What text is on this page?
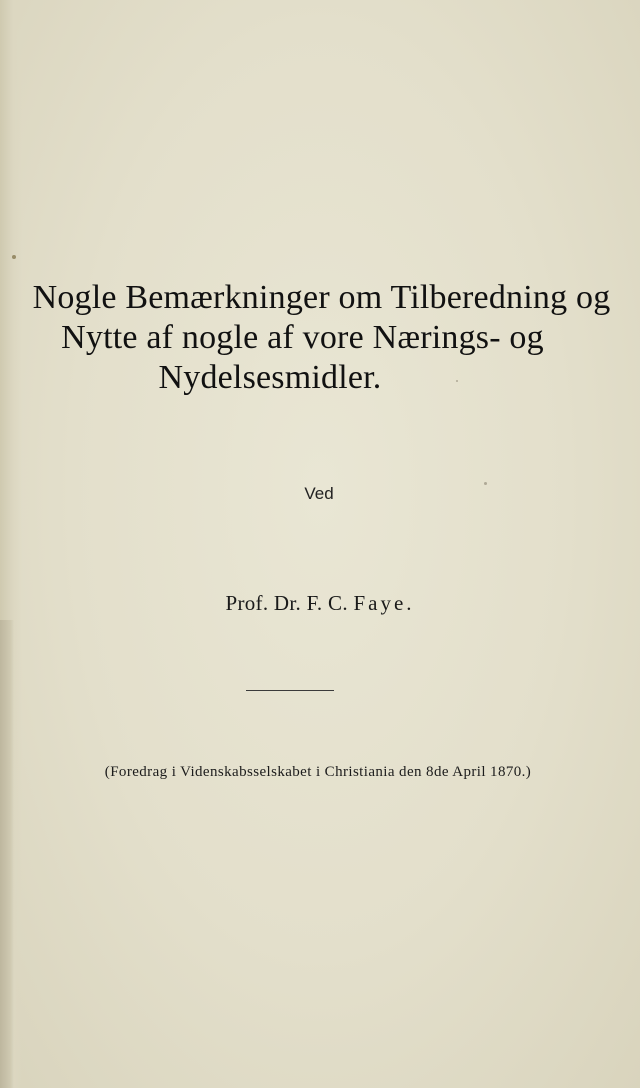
Nogle Bemærkninger om Tilberedning og
Nytte af nogle af vore Nærings- og
Nydelsesmidler.
Ved
Prof. Dr. F. C. Faye.
(Foredrag i Videnskabsselskabet i Christiania den 8de April 1870.)
